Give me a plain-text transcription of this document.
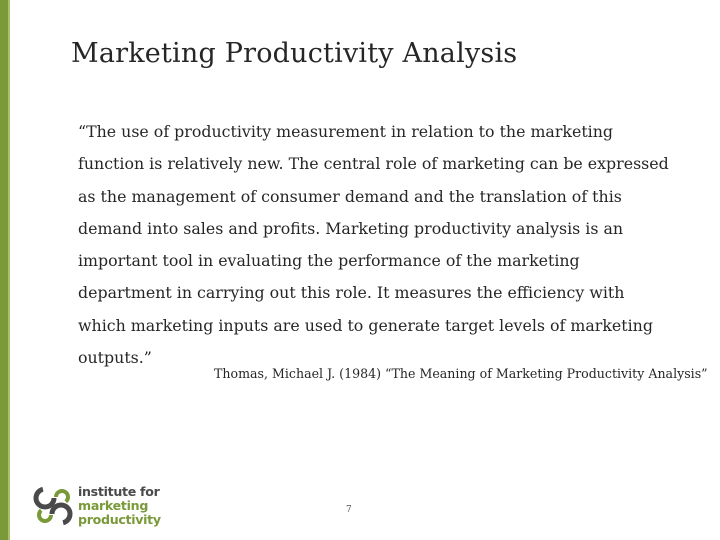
Marketing Productivity Analysis

“The use of productivity measurement in relation to the marketing function is relatively new. The central role of marketing can be expressed as the management of consumer demand and the translation of this demand into sales and profits. Marketing productivity analysis is an important tool in evaluating the performance of the marketing department in carrying out this role. It measures the efficiency with which marketing inputs are used to generate target levels of marketing outputs.”

Thomas, Michael J. (1984) “The Meaning of Marketing Productivity Analysis”
institute for
marketing
productivity
7
